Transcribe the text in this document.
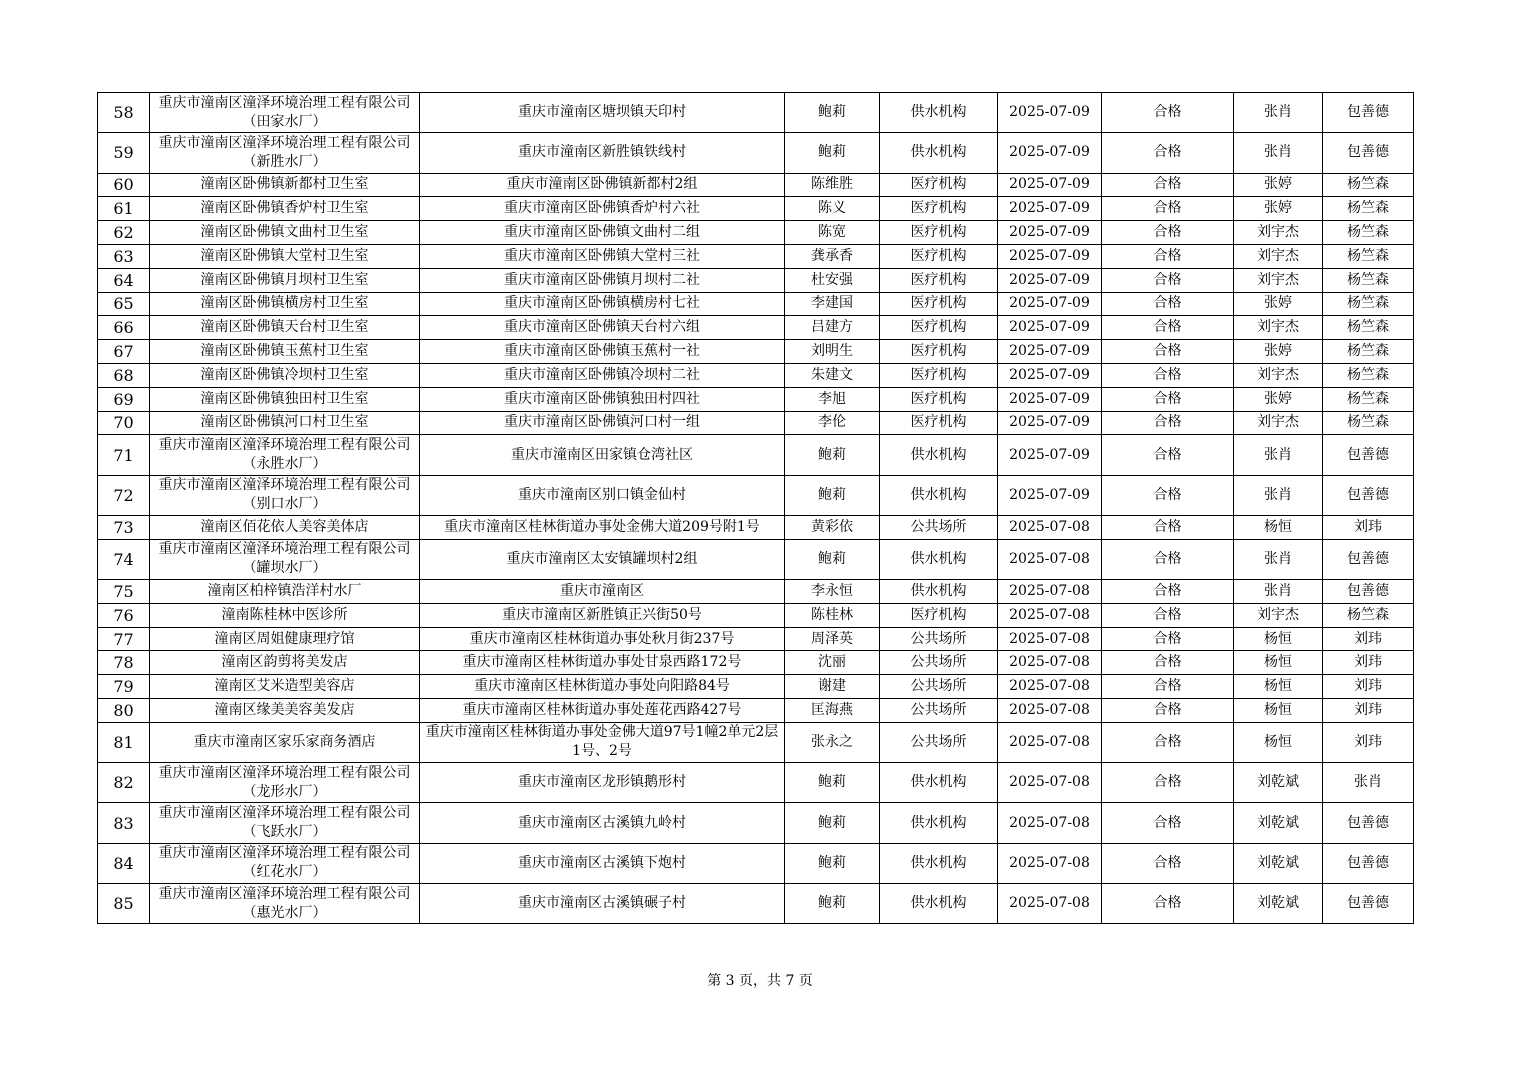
58	重庆市潼南区潼泽环境治理工程有限公司（田家水厂）	重庆市潼南区塘坝镇天印村	鲍莉	供水机构	2025-07-09	合格	张肖	包善德
59	重庆市潼南区潼泽环境治理工程有限公司（新胜水厂）	重庆市潼南区新胜镇铁线村	鲍莉	供水机构	2025-07-09	合格	张肖	包善德
60	潼南区卧佛镇新都村卫生室	重庆市潼南区卧佛镇新都村2组	陈维胜	医疗机构	2025-07-09	合格	张婷	杨竺森
61	潼南区卧佛镇香炉村卫生室	重庆市潼南区卧佛镇香炉村六社	陈义	医疗机构	2025-07-09	合格	张婷	杨竺森
62	潼南区卧佛镇文曲村卫生室	重庆市潼南区卧佛镇文曲村二组	陈宽	医疗机构	2025-07-09	合格	刘宇杰	杨竺森
63	潼南区卧佛镇大堂村卫生室	重庆市潼南区卧佛镇大堂村三社	龚承香	医疗机构	2025-07-09	合格	刘宇杰	杨竺森
64	潼南区卧佛镇月坝村卫生室	重庆市潼南区卧佛镇月坝村二社	杜安强	医疗机构	2025-07-09	合格	刘宇杰	杨竺森
65	潼南区卧佛镇横房村卫生室	重庆市潼南区卧佛镇横房村七社	李建国	医疗机构	2025-07-09	合格	张婷	杨竺森
66	潼南区卧佛镇天台村卫生室	重庆市潼南区卧佛镇天台村六组	吕建方	医疗机构	2025-07-09	合格	刘宇杰	杨竺森
67	潼南区卧佛镇玉蕉村卫生室	重庆市潼南区卧佛镇玉蕉村一社	刘明生	医疗机构	2025-07-09	合格	张婷	杨竺森
68	潼南区卧佛镇冷坝村卫生室	重庆市潼南区卧佛镇冷坝村二社	朱建文	医疗机构	2025-07-09	合格	刘宇杰	杨竺森
69	潼南区卧佛镇独田村卫生室	重庆市潼南区卧佛镇独田村四社	李旭	医疗机构	2025-07-09	合格	张婷	杨竺森
70	潼南区卧佛镇河口村卫生室	重庆市潼南区卧佛镇河口村一组	李伦	医疗机构	2025-07-09	合格	刘宇杰	杨竺森
71	重庆市潼南区潼泽环境治理工程有限公司（永胜水厂）	重庆市潼南区田家镇仓湾社区	鲍莉	供水机构	2025-07-09	合格	张肖	包善德
72	重庆市潼南区潼泽环境治理工程有限公司（别口水厂）	重庆市潼南区别口镇金仙村	鲍莉	供水机构	2025-07-09	合格	张肖	包善德
73	潼南区佰花依人美容美体店	重庆市潼南区桂林街道办事处金佛大道209号附1号	黄彩依	公共场所	2025-07-08	合格	杨恒	刘玮
74	重庆市潼南区潼泽环境治理工程有限公司（罐坝水厂）	重庆市潼南区太安镇罐坝村2组	鲍莉	供水机构	2025-07-08	合格	张肖	包善德
75	潼南区柏梓镇浩洋村水厂	重庆市潼南区	李永恒	供水机构	2025-07-08	合格	张肖	包善德
76	潼南陈桂林中医诊所	重庆市潼南区新胜镇正兴街50号	陈桂林	医疗机构	2025-07-08	合格	刘宇杰	杨竺森
77	潼南区周姐健康理疗馆	重庆市潼南区桂林街道办事处秋月街237号	周泽英	公共场所	2025-07-08	合格	杨恒	刘玮
78	潼南区韵剪将美发店	重庆市潼南区桂林街道办事处甘泉西路172号	沈丽	公共场所	2025-07-08	合格	杨恒	刘玮
79	潼南区艾米造型美容店	重庆市潼南区桂林街道办事处向阳路84号	谢建	公共场所	2025-07-08	合格	杨恒	刘玮
80	潼南区缘美美容美发店	重庆市潼南区桂林街道办事处莲花西路427号	匡海燕	公共场所	2025-07-08	合格	杨恒	刘玮
81	重庆市潼南区家乐家商务酒店	重庆市潼南区桂林街道办事处金佛大道97号1幢2单元2层1号、2号	张永之	公共场所	2025-07-08	合格	杨恒	刘玮
82	重庆市潼南区潼泽环境治理工程有限公司（龙形水厂）	重庆市潼南区龙形镇鹅形村	鲍莉	供水机构	2025-07-08	合格	刘乾斌	张肖
83	重庆市潼南区潼泽环境治理工程有限公司（飞跃水厂）	重庆市潼南区古溪镇九岭村	鲍莉	供水机构	2025-07-08	合格	刘乾斌	包善德
84	重庆市潼南区潼泽环境治理工程有限公司（红花水厂）	重庆市潼南区古溪镇下炮村	鲍莉	供水机构	2025-07-08	合格	刘乾斌	包善德
85	重庆市潼南区潼泽环境治理工程有限公司（惠光水厂）	重庆市潼南区古溪镇碾子村	鲍莉	供水机构	2025-07-08	合格	刘乾斌	包善德
第 3 页，共 7 页
